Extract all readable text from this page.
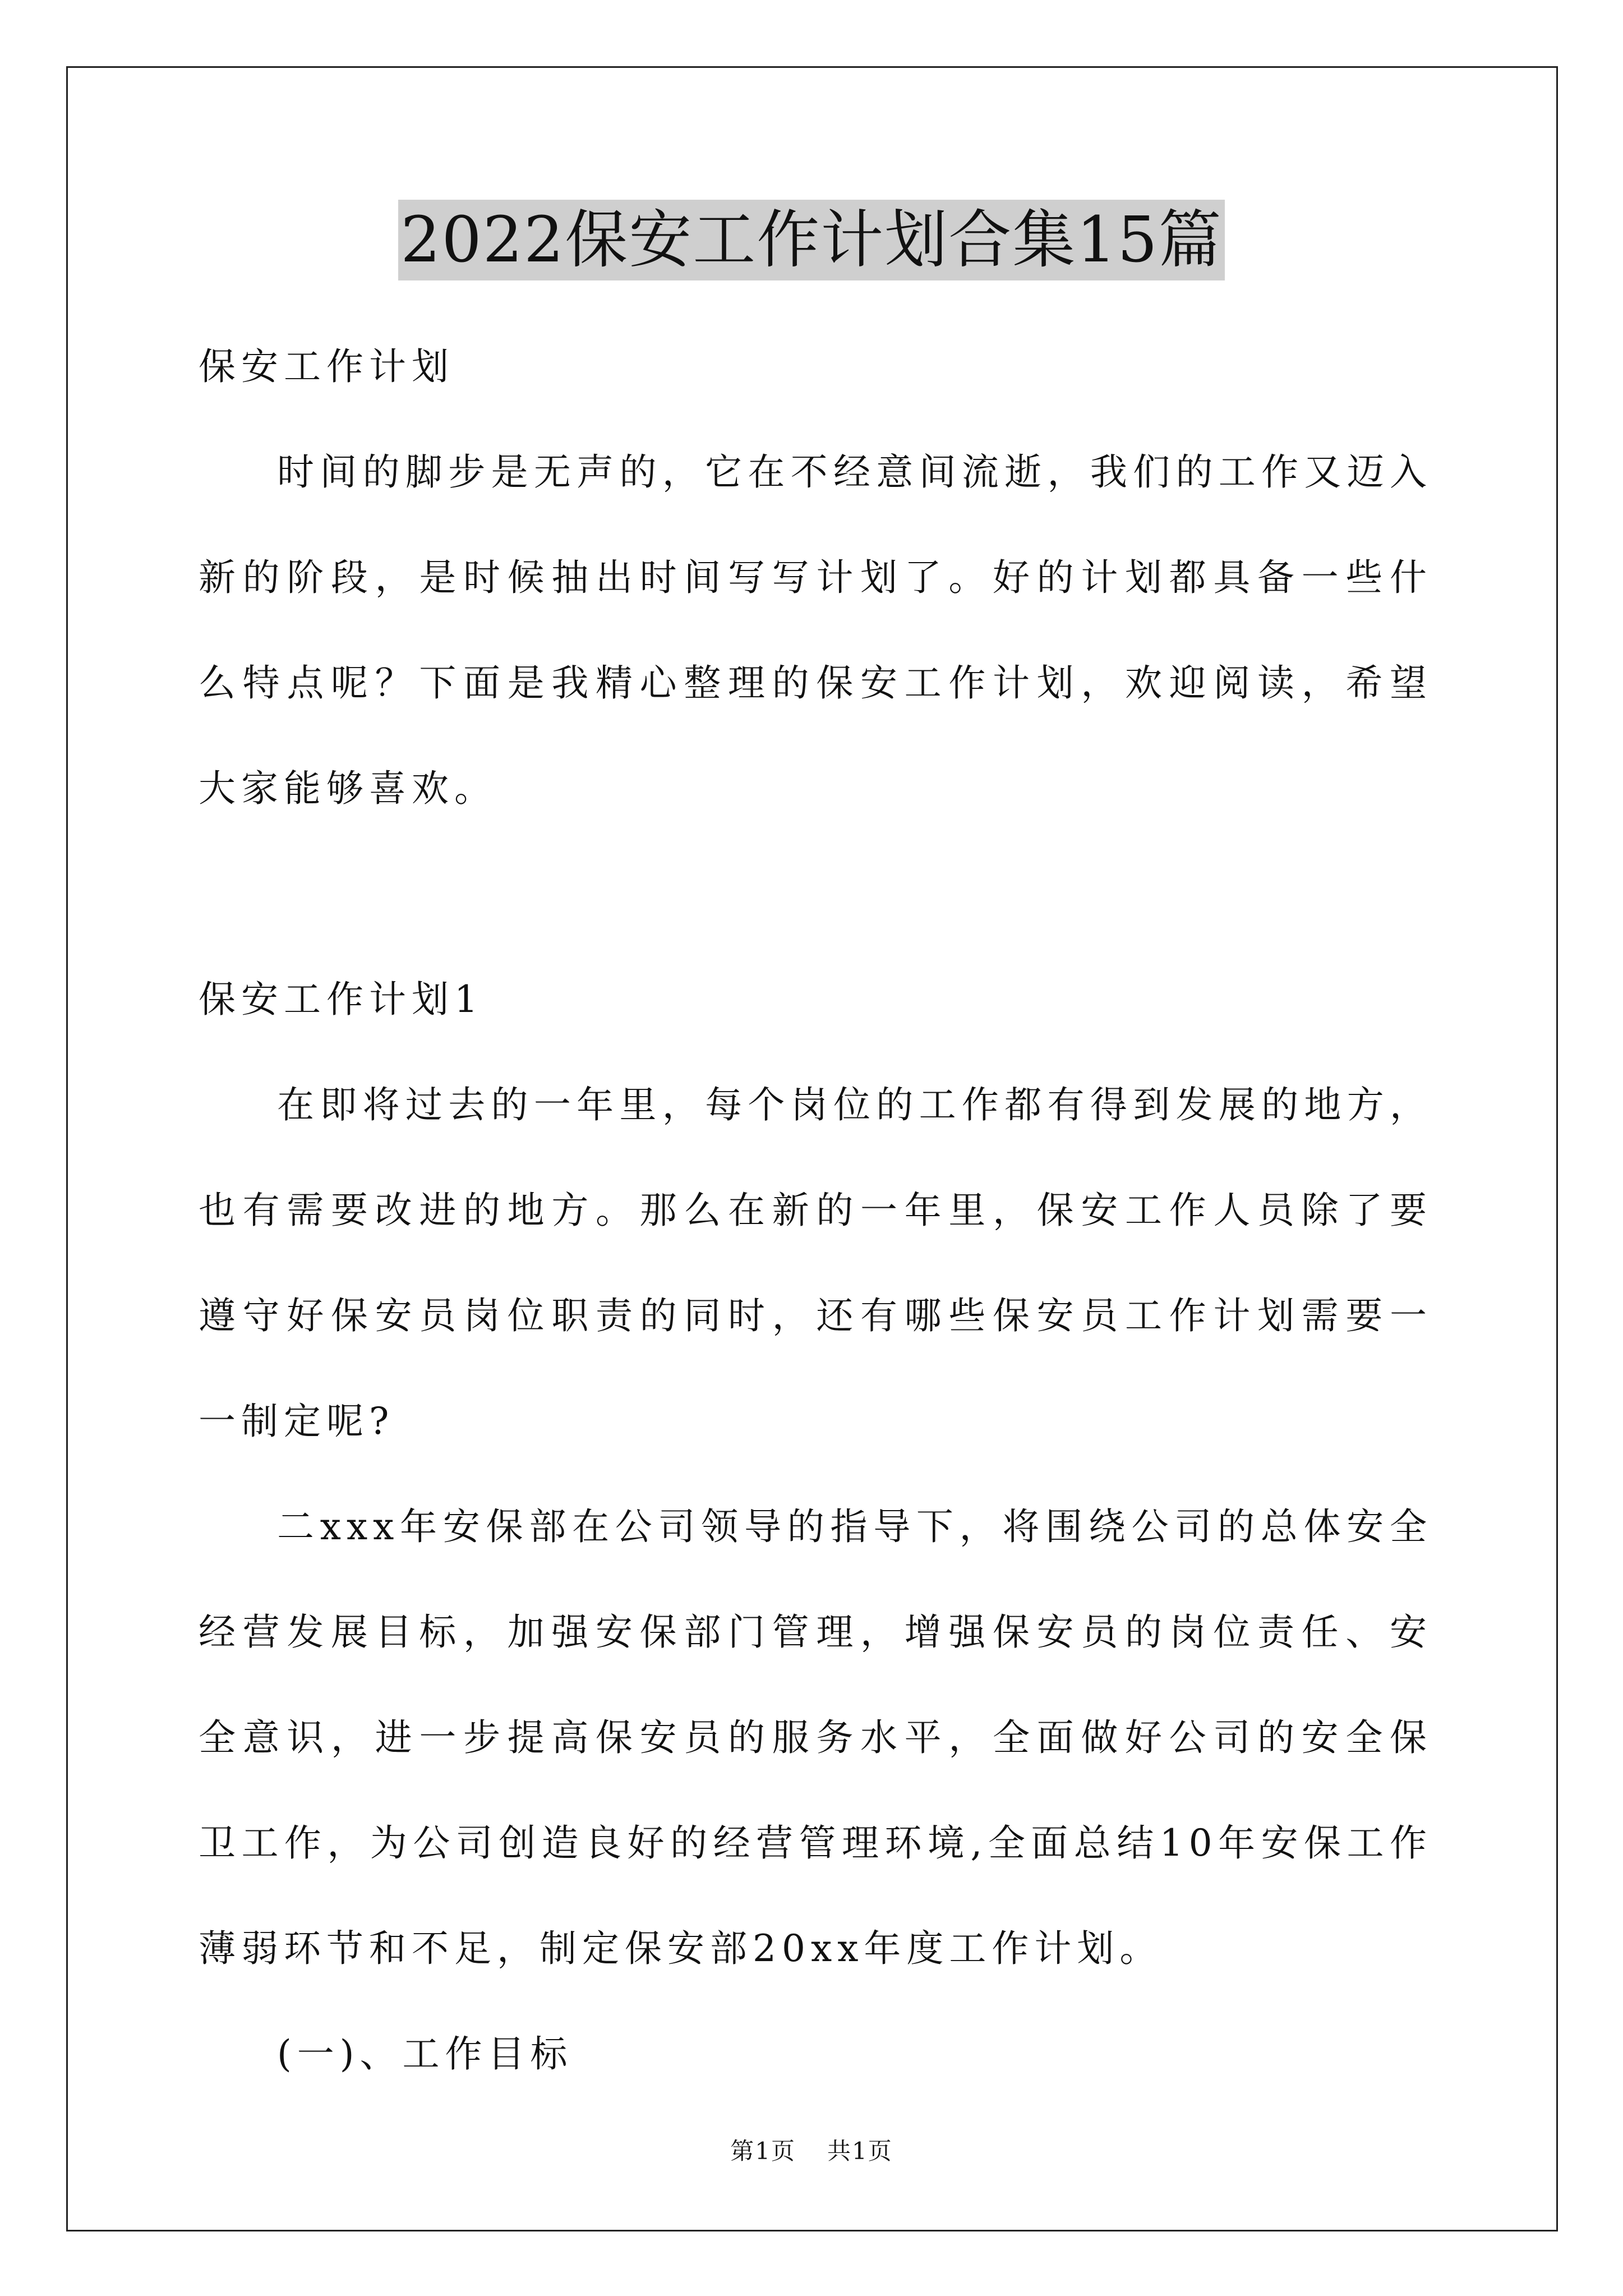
2022保安工作计划合集15篇

保安工作计划

时间的脚步是无声的，它在不经意间流逝，我们的工作又迈入新的阶段，是时候抽出时间写写计划了。好的计划都具备一些什么特点呢？下面是我精心整理的保安工作计划，欢迎阅读，希望大家能够喜欢。

保安工作计划1

在即将过去的一年里，每个岗位的工作都有得到发展的地方，也有需要改进的地方。那么在新的一年里，保安工作人员除了要遵守好保安员岗位职责的同时，还有哪些保安员工作计划需要一一制定呢?

二xxx年安保部在公司领导的指导下，将围绕公司的总体安全经营发展目标，加强安保部门管理，增强保安员的岗位责任、安全意识，进一步提高保安员的服务水平，全面做好公司的安全保卫工作，为公司创造良好的经营管理环境,全面总结10年安保工作薄弱环节和不足，制定保安部20xx年度工作计划。

(一)、工作目标

第1页 共1页
